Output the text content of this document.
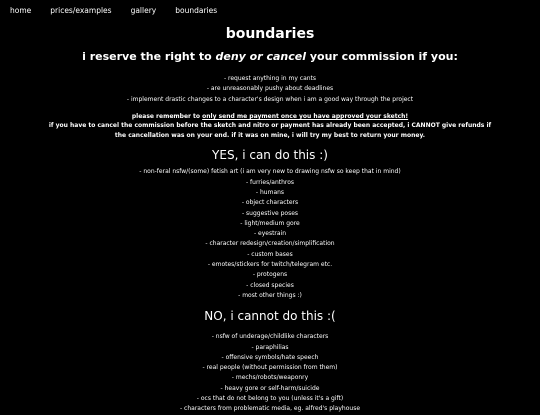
home	prices/examples	gallery	boundaries
boundaries
i reserve the right to deny or cancel your commission if you:
- request anything in my cants
- are unreasonably pushy about deadlines
- implement drastic changes to a character's design when i am a good way through the project
please remember to only send me payment once you have approved your sketch!
if you have to cancel the commission before the sketch and nitro or payment has already been accepted, i CANNOT give refunds if
the cancellation was on your end. if it was on mine, i will try my best to return your money.
YES, i can do this :)
- non-feral nsfw/(some) fetish art (i am very new to drawing nsfw so keep that in mind)
- furries/anthros
- humans
- object characters
- suggestive poses
- light/medium gore
- eyestrain
- character redesign/creation/simplification
- custom bases
- emotes/stickers for twitch/telegram etc.
- protogens
- closed species
- most other things :)
NO, i cannot do this :(
- nsfw of underage/childlike characters
- paraphilias
- offensive symbols/hate speech
- real people (without permission from them)
- mechs/robots/weaponry
- heavy gore or self-harm/suicide
- ocs that do not belong to you (unless it's a gift)
- characters from problematic media, eg. alfred's playhouse
